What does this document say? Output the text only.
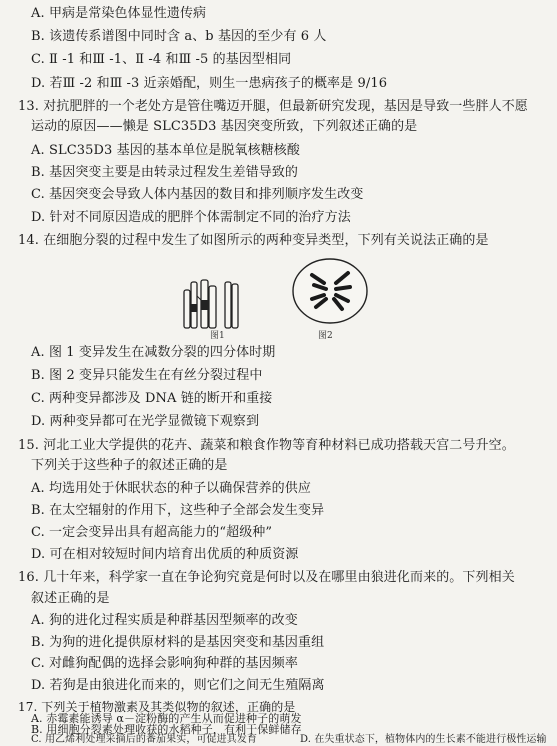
A. 甲病是常染色体显性遗传病
B. 该遗传系谱图中同时含 a、b 基因的至少有 6 人
C. Ⅱ -1 和Ⅲ -1、Ⅱ -4 和Ⅲ -5 的基因型相同
D. 若Ⅲ -2 和Ⅲ -3 近亲婚配，则生一患病孩子的概率是 9/16
13. 对抗肥胖的一个老处方是管住嘴迈开腿，但最新研究发现，基因是导致一些胖人不愿
运动的原因——懒是 SLC35D3 基因突变所致，下列叙述正确的是
A. SLC35D3 基因的基本单位是脱氧核糖核酸
B. 基因突变主要是由转录过程发生差错导致的
C. 基因突变会导致人体内基因的数目和排列顺序发生改变
D. 针对不同原因造成的肥胖个体需制定不同的治疗方法
14. 在细胞分裂的过程中发生了如图所示的两种变异类型，下列有关说法正确的是
图1	图2
A. 图 1 变异发生在减数分裂的四分体时期
B. 图 2 变异只能发生在有丝分裂过程中
C. 两种变异都涉及 DNA 链的断开和重接
D. 两种变异都可在光学显微镜下观察到
15. 河北工业大学提供的花卉、蔬菜和粮食作物等育种材料已成功搭载天宫二号升空。
下列关于这些种子的叙述正确的是
A. 均选用处于休眠状态的种子以确保营养的供应
B. 在太空辐射的作用下，这些种子全部会发生变异
C. 一定会变异出具有超高能力的“超级种”
D. 可在相对较短时间内培育出优质的种质资源
16. 几十年来，科学家一直在争论狗究竟是何时以及在哪里由狼进化而来的。下列相关
叙述正确的是
A. 狗的进化过程实质是种群基因型频率的改变
B. 为狗的进化提供原材料的是基因突变和基因重组
C. 对雌狗配偶的选择会影响狗种群的基因频率
D. 若狗是由狼进化而来的，则它们之间无生殖隔离
17. 下列关于植物激素及其类似物的叙述，正确的是
A. 赤霉素能诱导 α－淀粉酶的产生从而促进种子的萌发
B. 用细胞分裂素处理收获的水稻种子，有利于保鲜储存
C. 用乙烯利处理采摘后的番茄果实，可促进其发育	D. 在失重状态下，植物体内的生长素不能进行极性运输
